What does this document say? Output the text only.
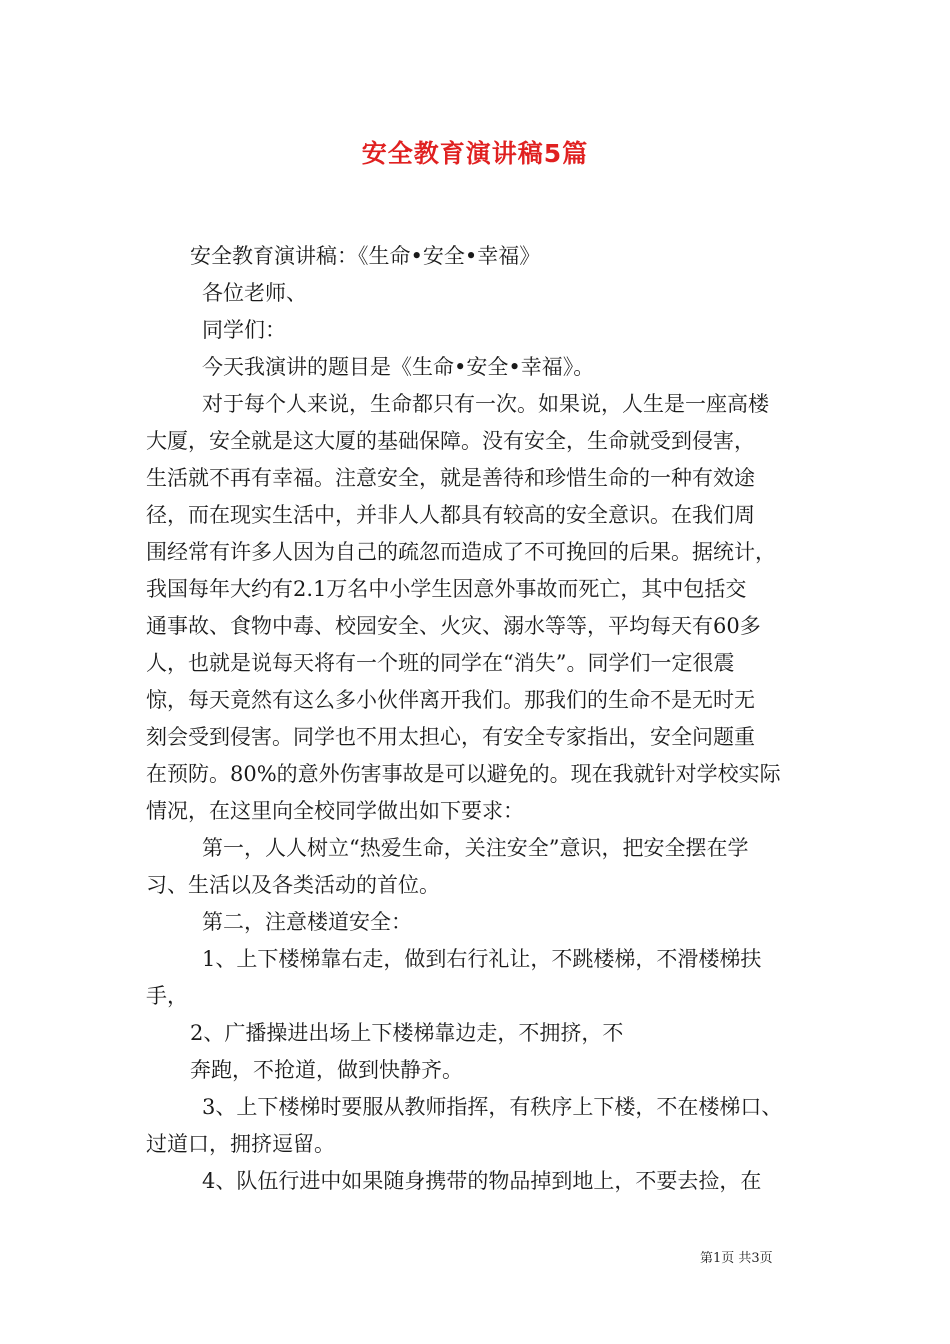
安全教育演讲稿5篇
安全教育演讲稿：《生命•安全•幸福》
各位老师、
同学们：
今天我演讲的题目是《生命•安全•幸福》。
对于每个人来说，生命都只有一次。如果说，人生是一座高楼
大厦，安全就是这大厦的基础保障。没有安全，生命就受到侵害，
生活就不再有幸福。注意安全，就是善待和珍惜生命的一种有效途
径，而在现实生活中，并非人人都具有较高的安全意识。在我们周
围经常有许多人因为自己的疏忽而造成了不可挽回的后果。据统计，
我国每年大约有2.1万名中小学生因意外事故而死亡，其中包括交
通事故、食物中毒、校园安全、火灾、溺水等等，平均每天有60多
人，也就是说每天将有一个班的同学在“消失”。同学们一定很震
惊，每天竟然有这么多小伙伴离开我们。那我们的生命不是无时无
刻会受到侵害。同学也不用太担心，有安全专家指出，安全问题重
在预防。80%的意外伤害事故是可以避免的。现在我就针对学校实际
情况，在这里向全校同学做出如下要求：
第一，人人树立“热爱生命，关注安全”意识，把安全摆在学
习、生活以及各类活动的首位。
第二，注意楼道安全：
1、上下楼梯靠右走，做到右行礼让，不跳楼梯，不滑楼梯扶
手，
2、广播操进出场上下楼梯靠边走，不拥挤，不
奔跑，不抢道，做到快静齐。
3、上下楼梯时要服从教师指挥，有秩序上下楼，不在楼梯口、
过道口，拥挤逗留。
4、队伍行进中如果随身携带的物品掉到地上，不要去捡，在
第1页 共3页
